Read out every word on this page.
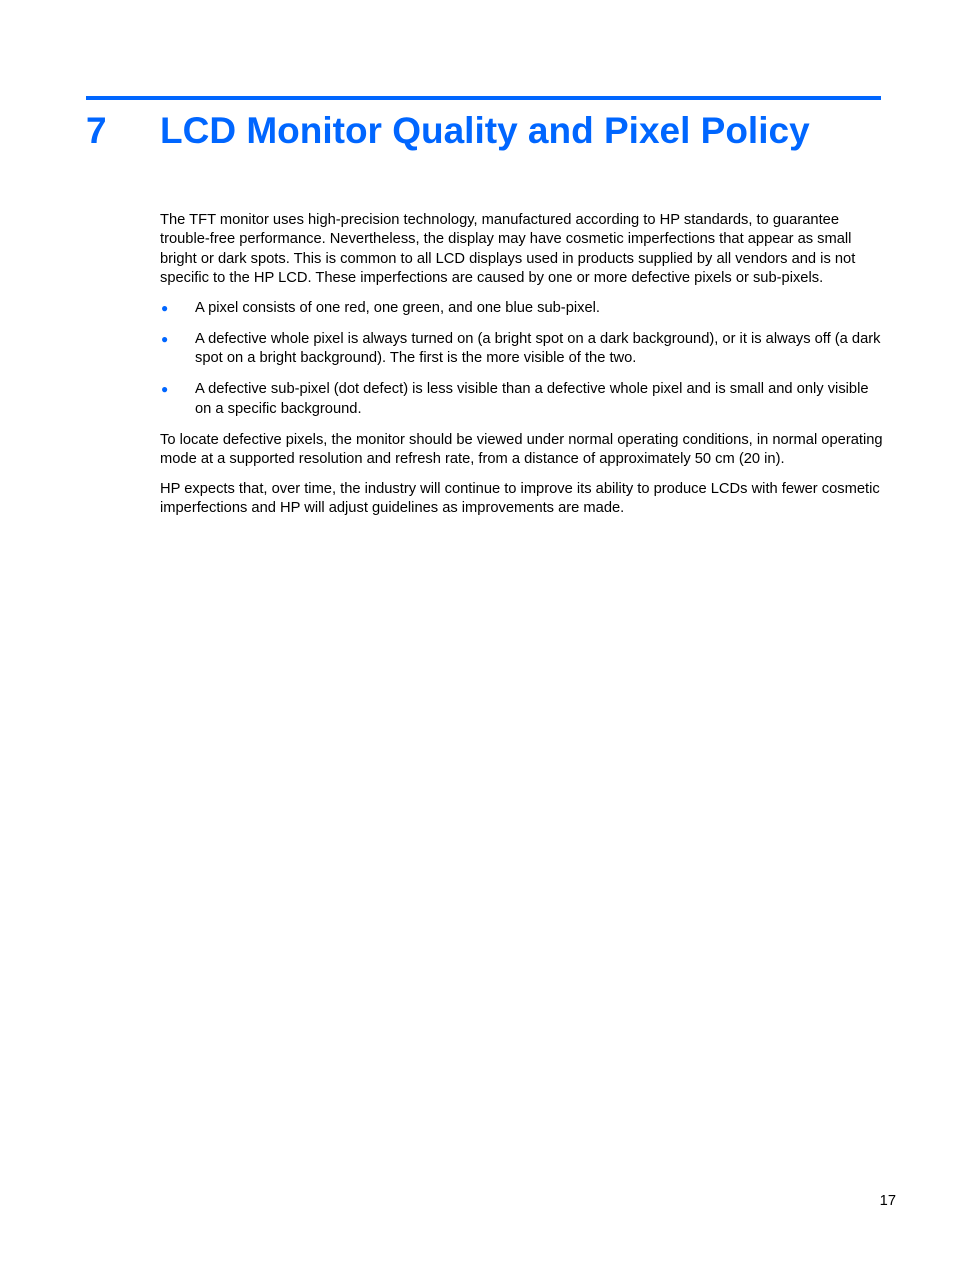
7 LCD Monitor Quality and Pixel Policy

The TFT monitor uses high-precision technology, manufactured according to HP standards, to guarantee trouble-free performance. Nevertheless, the display may have cosmetic imperfections that appear as small bright or dark spots. This is common to all LCD displays used in products supplied by all vendors and is not specific to the HP LCD. These imperfections are caused by one or more defective pixels or sub-pixels.

● A pixel consists of one red, one green, and one blue sub-pixel.
● A defective whole pixel is always turned on (a bright spot on a dark background), or it is always off (a dark spot on a bright background). The first is the more visible of the two.
● A defective sub-pixel (dot defect) is less visible than a defective whole pixel and is small and only visible on a specific background.

To locate defective pixels, the monitor should be viewed under normal operating conditions, in normal operating mode at a supported resolution and refresh rate, from a distance of approximately 50 cm (20 in).

HP expects that, over time, the industry will continue to improve its ability to produce LCDs with fewer cosmetic imperfections and HP will adjust guidelines as improvements are made.

17
